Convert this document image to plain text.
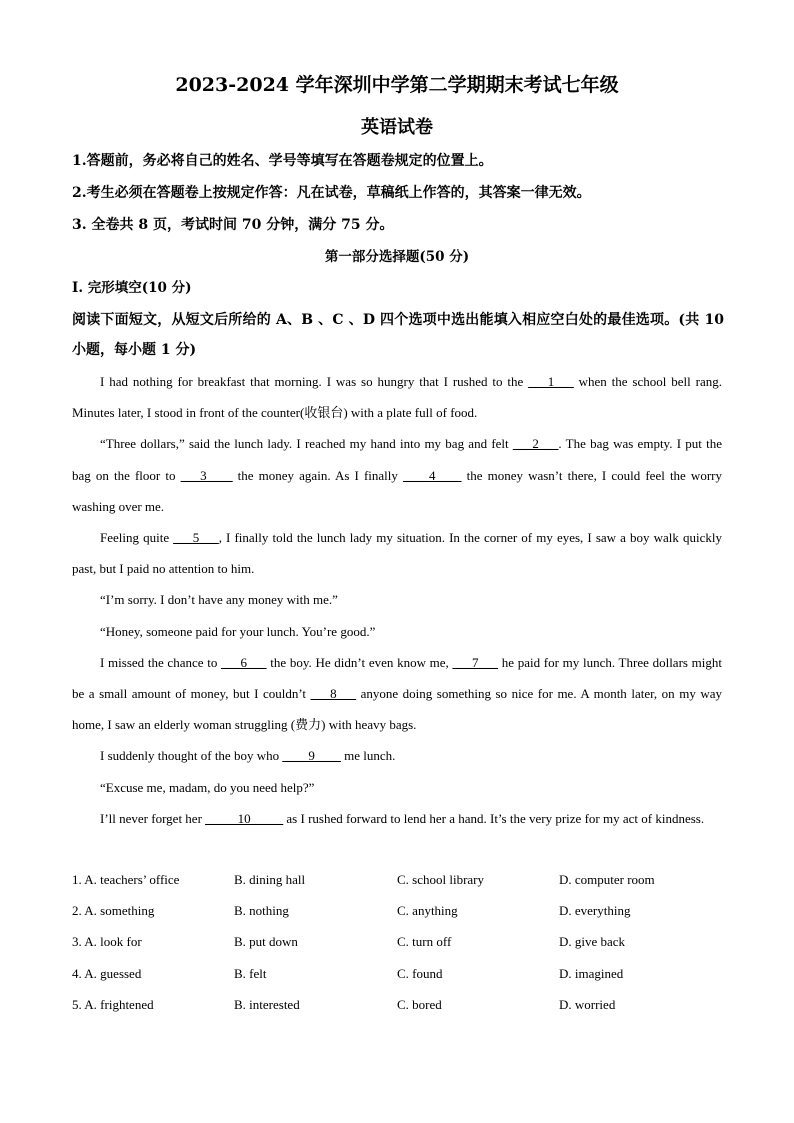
2023-2024 学年深圳中学第二学期期末考试七年级
英语试卷
1.答题前，务必将自己的姓名、学号等填写在答题卷规定的位置上。
2.考生必须在答题卷上按规定作答：凡在试卷，草稿纸上作答的，其答案一律无效。
3. 全卷共 8 页，考试时间 70 分钟，满分 75 分。
第一部分选择题(50 分)
I. 完形填空(10 分)
阅读下面短文，从短文后所给的 A、B 、C 、D 四个选项中选出能填入相应空白处的最佳选项。(共 10 小题，每小题 1 分)

I had nothing for breakfast that morning. I was so hungry that I rushed to the ___1___ when the school bell rang. Minutes later, I stood in front of the counter(收银台) with a plate full of food.

“Three dollars,” said the lunch lady. I reached my hand into my bag and felt ___2___. The bag was empty. I put the bag on the floor to ___3____ the money again. As I finally ____4____ the money wasn’t there, I could feel the worry washing over me.

Feeling quite ___5___, I finally told the lunch lady my situation. In the corner of my eyes, I saw a boy walk quickly past, but I paid no attention to him.

“I’m sorry. I don’t have any money with me.”

“Honey, someone paid for your lunch. You’re good.”

I missed the chance to ___6___ the boy. He didn’t even know me, ___7___ he paid for my lunch. Three dollars might be a small amount of money, but I couldn’t ___8___ anyone doing something so nice for me. A month later, on my way home, I saw an elderly woman struggling (费力) with heavy bags.

I suddenly thought of the boy who ____9____ me lunch.

“Excuse me, madam, do you need help?”

I’ll never forget her _____10_____ as I rushed forward to lend her a hand. It’s the very prize for my act of kindness.

1. A. teachers’ office	B. dining hall	C. school library	D. computer room
2. A. something	B. nothing	C. anything	D. everything
3. A. look for	B. put down	C. turn off	D. give back
4. A. guessed	B. felt	C. found	D. imagined
5. A. frightened	B. interested	C. bored	D. worried
